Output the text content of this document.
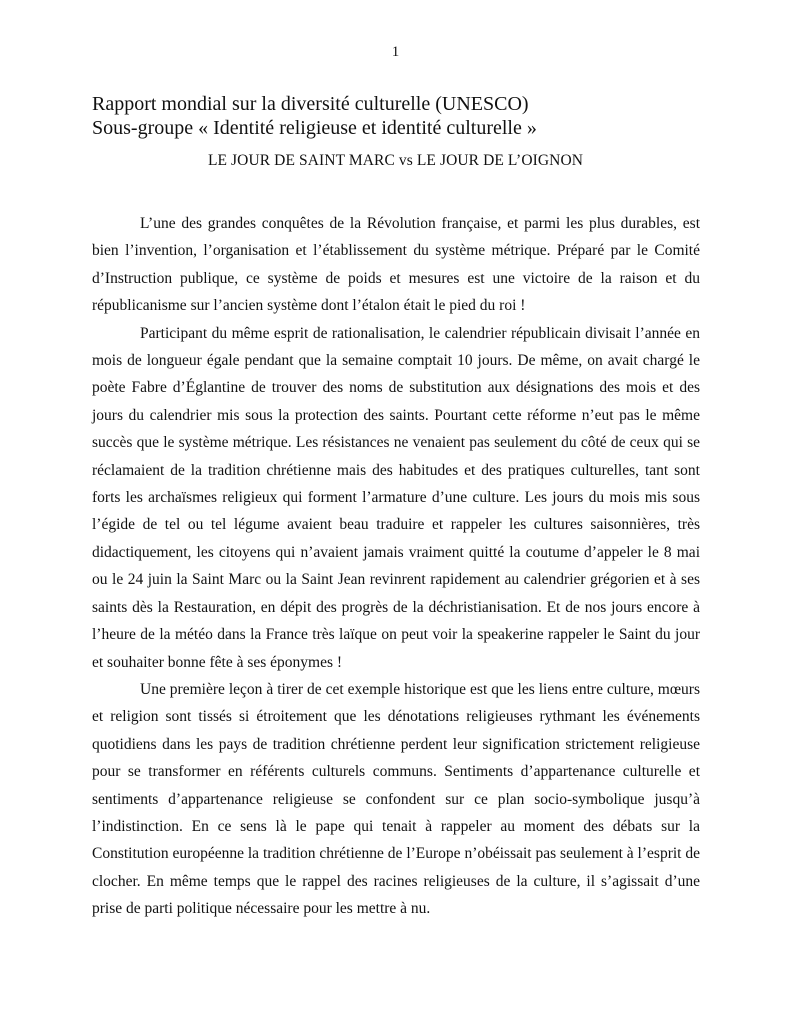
1
Rapport mondial sur la diversité culturelle (UNESCO)
Sous-groupe « Identité religieuse et identité culturelle »
LE JOUR DE SAINT MARC vs LE JOUR DE L’OIGNON

L’une des grandes conquêtes de la Révolution française, et parmi les plus durables, est bien l’invention, l’organisation et l’établissement du système métrique. Préparé par le Comité d’Instruction publique, ce système de poids et mesures est une victoire de la raison et du républicanisme sur l’ancien système dont l’étalon était le pied du roi !

Participant du même esprit de rationalisation, le calendrier républicain divisait l’année en mois de longueur égale pendant que la semaine comptait 10 jours. De même, on avait chargé le poète Fabre d’Églantine de trouver des noms de substitution aux désignations des mois et des jours du calendrier mis sous la protection des saints. Pourtant cette réforme n’eut pas le même succès que le système métrique. Les résistances ne venaient pas seulement du côté de ceux qui se réclamaient de la tradition chrétienne mais des habitudes et des pratiques culturelles, tant sont forts les archaïsmes religieux qui forment l’armature d’une culture. Les jours du mois mis sous l’égide de tel ou tel légume avaient beau traduire et rappeler les cultures saisonnières, très didactiquement, les citoyens qui n’avaient jamais vraiment quitté la coutume d’appeler le 8 mai ou le 24 juin la Saint Marc ou la Saint Jean revinrent rapidement au calendrier grégorien et à ses saints dès la Restauration, en dépit des progrès de la déchristianisation. Et de nos jours encore à l’heure de la météo dans la France très laïque on peut voir la speakerine rappeler le Saint du jour et souhaiter bonne fête à ses éponymes !

Une première leçon à tirer de cet exemple historique est que les liens entre culture, mœurs et religion sont tissés si étroitement que les dénotations religieuses rythmant les événements quotidiens dans les pays de tradition chrétienne perdent leur signification strictement religieuse pour se transformer en référents culturels communs. Sentiments d’appartenance culturelle et sentiments d’appartenance religieuse se confondent sur ce plan socio-symbolique jusqu’à l’indistinction. En ce sens là le pape qui tenait à rappeler au moment des débats sur la Constitution européenne la tradition chrétienne de l’Europe n’obéissait pas seulement à l’esprit de clocher. En même temps que le rappel des racines religieuses de la culture, il s’agissait d’une prise de parti politique nécessaire pour les mettre à nu.
